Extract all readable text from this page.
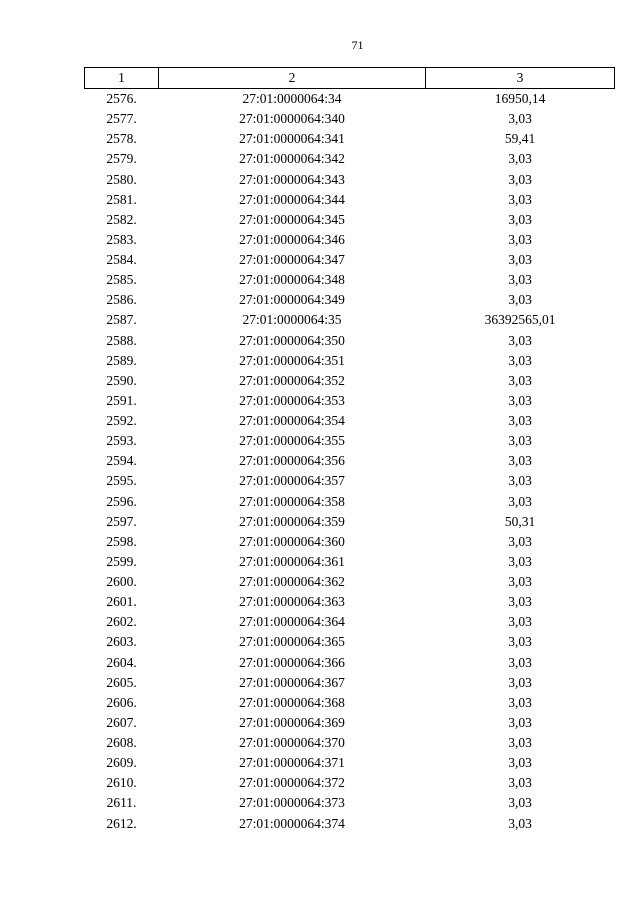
71
1	2	3
2576.	27:01:0000064:34	16950,14
2577.	27:01:0000064:340	3,03
2578.	27:01:0000064:341	59,41
2579.	27:01:0000064:342	3,03
2580.	27:01:0000064:343	3,03
2581.	27:01:0000064:344	3,03
2582.	27:01:0000064:345	3,03
2583.	27:01:0000064:346	3,03
2584.	27:01:0000064:347	3,03
2585.	27:01:0000064:348	3,03
2586.	27:01:0000064:349	3,03
2587.	27:01:0000064:35	36392565,01
2588.	27:01:0000064:350	3,03
2589.	27:01:0000064:351	3,03
2590.	27:01:0000064:352	3,03
2591.	27:01:0000064:353	3,03
2592.	27:01:0000064:354	3,03
2593.	27:01:0000064:355	3,03
2594.	27:01:0000064:356	3,03
2595.	27:01:0000064:357	3,03
2596.	27:01:0000064:358	3,03
2597.	27:01:0000064:359	50,31
2598.	27:01:0000064:360	3,03
2599.	27:01:0000064:361	3,03
2600.	27:01:0000064:362	3,03
2601.	27:01:0000064:363	3,03
2602.	27:01:0000064:364	3,03
2603.	27:01:0000064:365	3,03
2604.	27:01:0000064:366	3,03
2605.	27:01:0000064:367	3,03
2606.	27:01:0000064:368	3,03
2607.	27:01:0000064:369	3,03
2608.	27:01:0000064:370	3,03
2609.	27:01:0000064:371	3,03
2610.	27:01:0000064:372	3,03
2611.	27:01:0000064:373	3,03
2612.	27:01:0000064:374	3,03
